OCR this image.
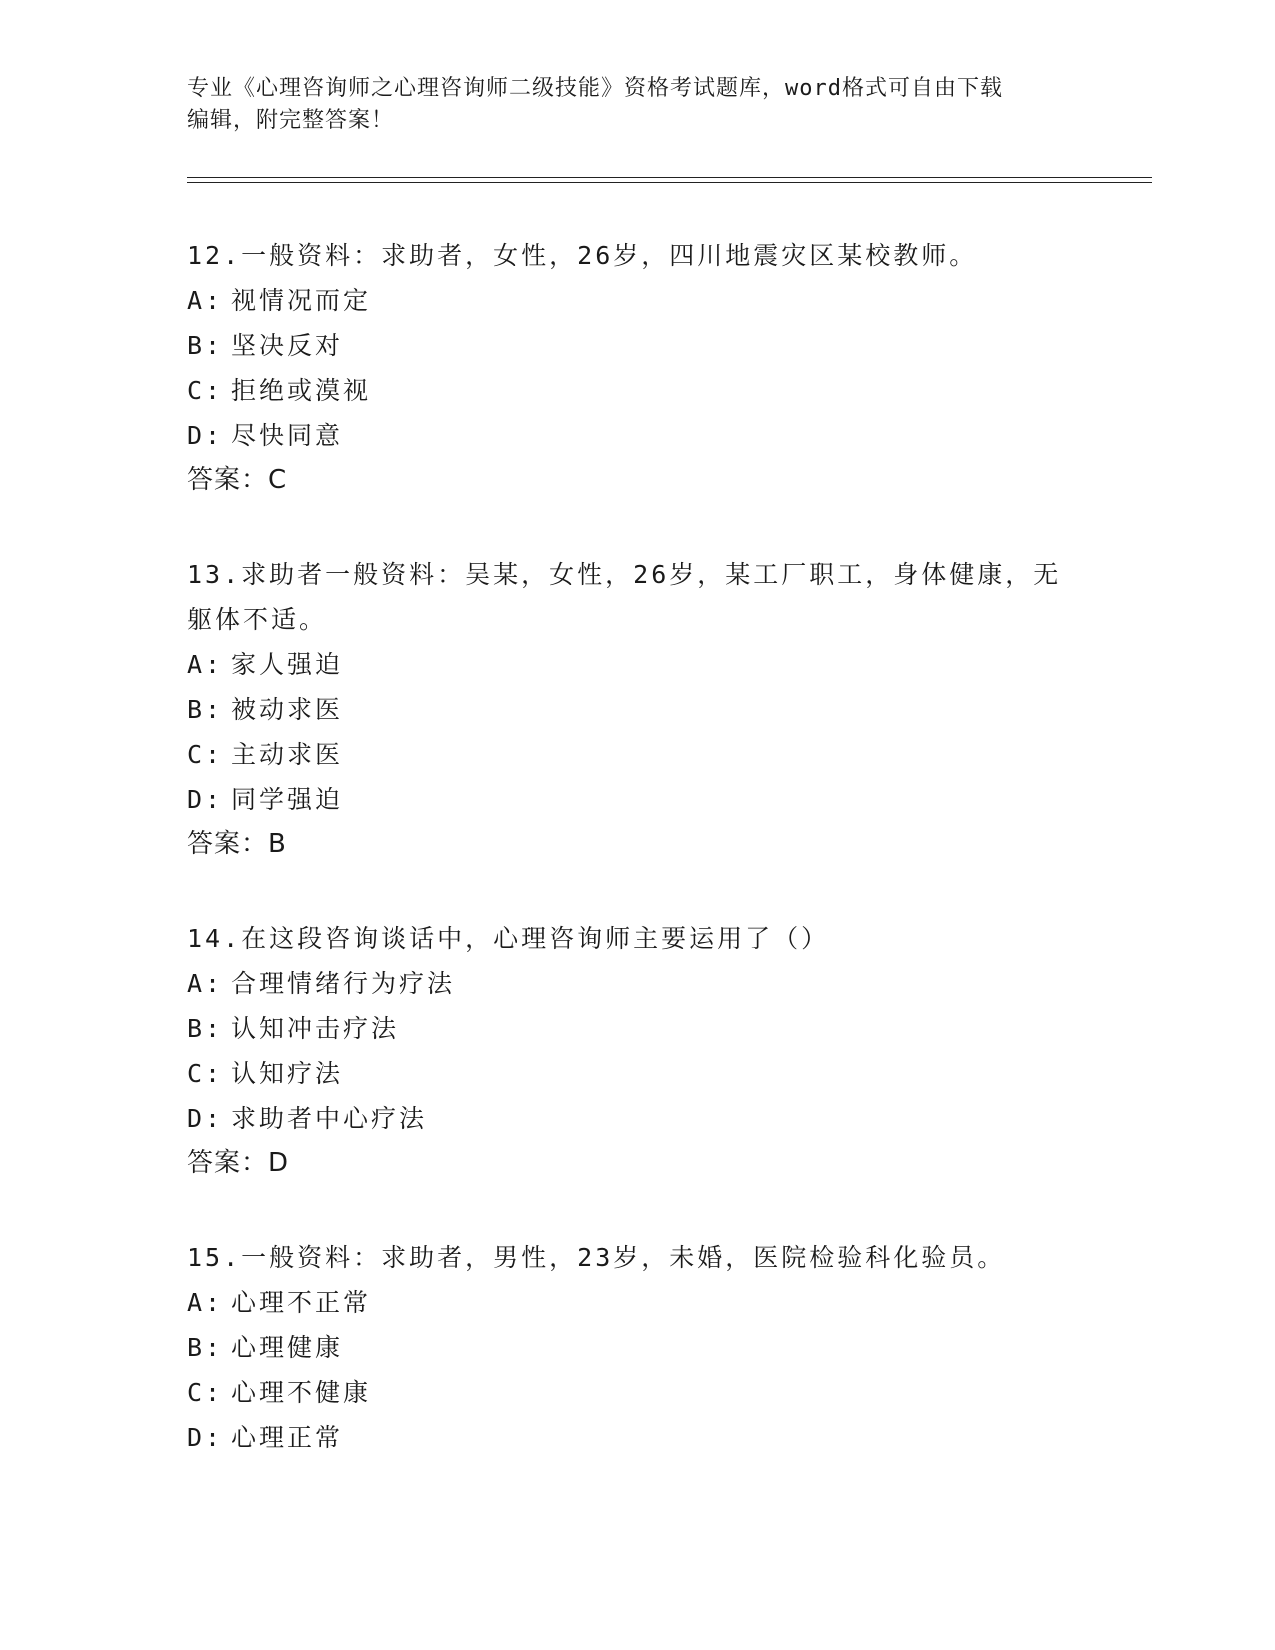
专业《心理咨询师之心理咨询师二级技能》资格考试题库，word格式可自由下载
编辑，附完整答案！
12.一般资料：求助者，女性，26岁，四川地震灾区某校教师。
A: 视情况而定
B: 坚决反对
C: 拒绝或漠视
D: 尽快同意
答案：C
13.求助者一般资料：吴某，女性，26岁，某工厂职工，身体健康，无躯体不适。
A: 家人强迫
B: 被动求医
C: 主动求医
D: 同学强迫
答案：B
14.在这段咨询谈话中，心理咨询师主要运用了（）
A: 合理情绪行为疗法
B: 认知冲击疗法
C: 认知疗法
D: 求助者中心疗法
答案：D
15.一般资料：求助者，男性，23岁，未婚，医院检验科化验员。
A: 心理不正常
B: 心理健康
C: 心理不健康
D: 心理正常
